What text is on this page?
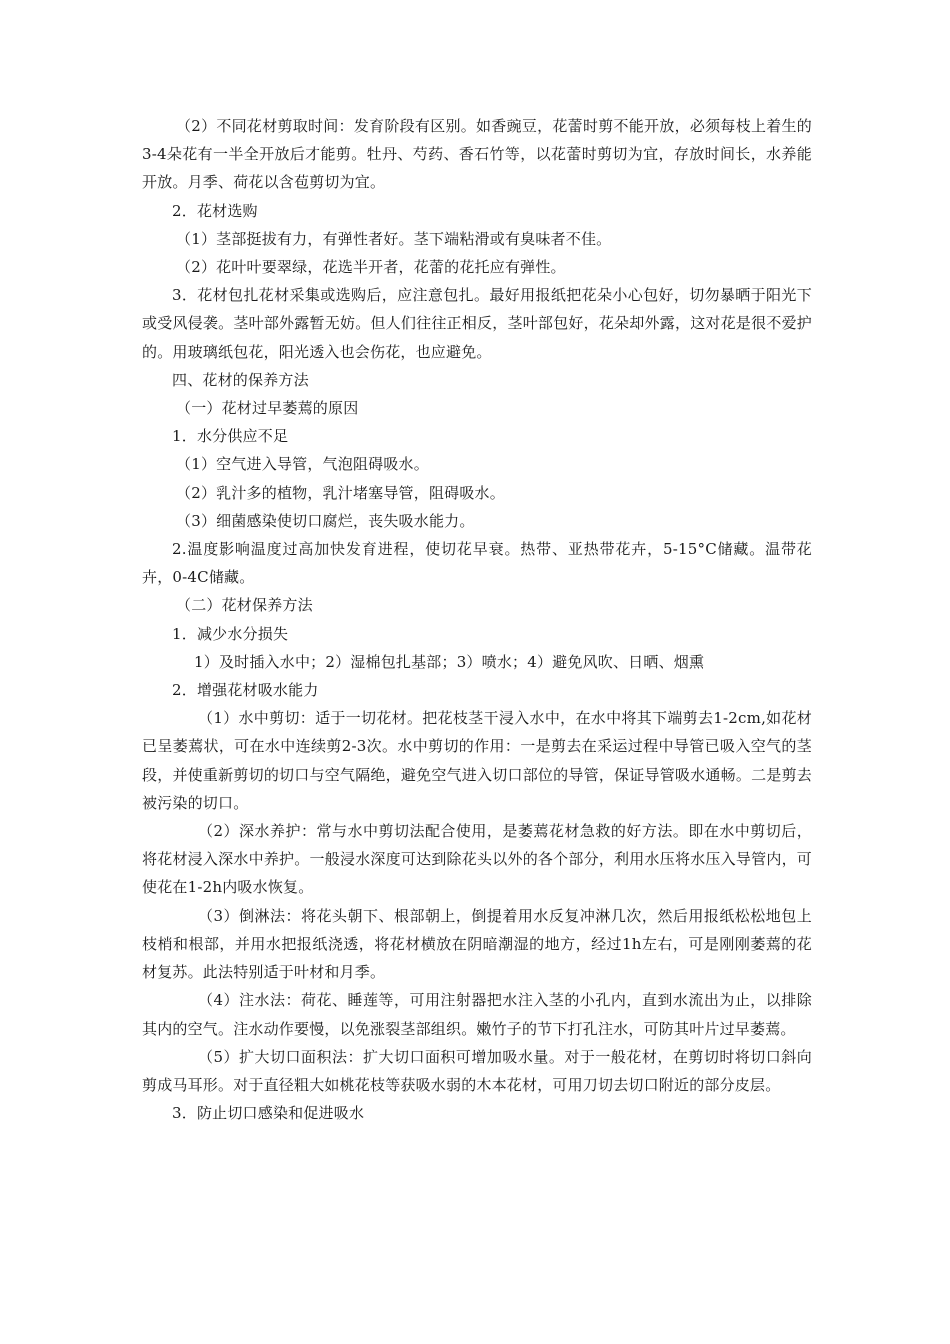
（2）不同花材剪取时间：发育阶段有区别。如香豌豆，花蕾时剪不能开放，必须每枝上着生的3-4朵花有一半全开放后才能剪。牡丹、芍药、香石竹等，以花蕾时剪切为宜，存放时间长，水养能开放。月季、荷花以含苞剪切为宜。

2．花材选购

（1）茎部挺拔有力，有弹性者好。茎下端粘滑或有臭味者不佳。

（2）花叶叶要翠绿，花选半开者，花蕾的花托应有弹性。

3．花材包扎花材采集或选购后，应注意包扎。最好用报纸把花朵小心包好，切勿暴晒于阳光下或受风侵袭。茎叶部外露暂无妨。但人们往往正相反，茎叶部包好，花朵却外露，这对花是很不爱护的。用玻璃纸包花，阳光透入也会伤花，也应避免。

四、花材的保养方法

（一）花材过早萎蔫的原因

1．水分供应不足

（1）空气进入导管，气泡阻碍吸水。

（2）乳汁多的植物，乳汁堵塞导管，阻碍吸水。

（3）细菌感染使切口腐烂，丧失吸水能力。

2.温度影响温度过高加快发育进程，使切花早衰。热带、亚热带花卉，5-15°C储藏。温带花卉，0-4C储藏。

（二）花材保养方法

1．减少水分损失

1）及时插入水中；2）湿棉包扎基部；3）喷水；4）避免风吹、日晒、烟熏

2．增强花材吸水能力

（1）水中剪切：适于一切花材。把花枝茎干浸入水中，在水中将其下端剪去1-2cm,如花材已呈萎蔫状，可在水中连续剪2-3次。水中剪切的作用：一是剪去在采运过程中导管已吸入空气的茎段，并使重新剪切的切口与空气隔绝，避免空气进入切口部位的导管，保证导管吸水通畅。二是剪去被污染的切口。

（2）深水养护：常与水中剪切法配合使用，是萎蔫花材急救的好方法。即在水中剪切后，将花材浸入深水中养护。一般浸水深度可达到除花头以外的各个部分，利用水压将水压入导管内，可使花在1-2h内吸水恢复。

（3）倒淋法：将花头朝下、根部朝上，倒提着用水反复冲淋几次，然后用报纸松松地包上枝梢和根部，并用水把报纸浇透，将花材横放在阴暗潮湿的地方，经过1h左右，可是刚刚萎蔫的花材复苏。此法特别适于叶材和月季。

（4）注水法：荷花、睡莲等，可用注射器把水注入茎的小孔内，直到水流出为止，以排除其内的空气。注水动作要慢，以免涨裂茎部组织。嫩竹子的节下打孔注水，可防其叶片过早萎蔫。

（5）扩大切口面积法：扩大切口面积可增加吸水量。对于一般花材，在剪切时将切口斜向剪成马耳形。对于直径粗大如桃花枝等获吸水弱的木本花材，可用刀切去切口附近的部分皮层。

3．防止切口感染和促进吸水
